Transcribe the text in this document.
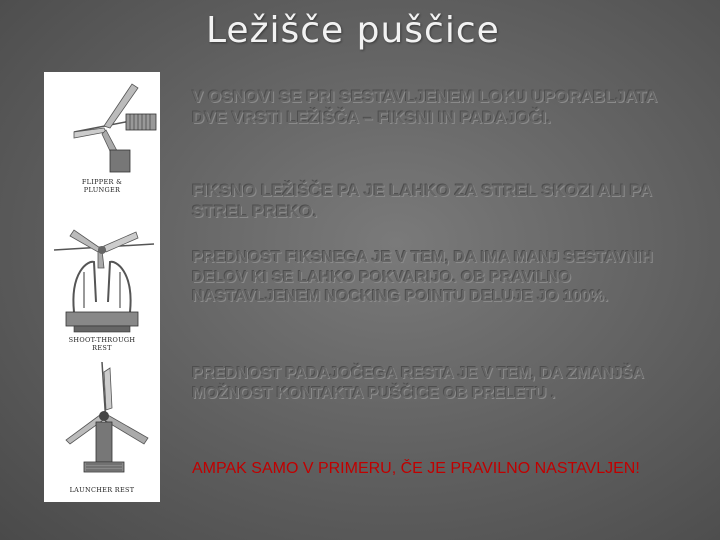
Ležišče puščice
FLIPPER &
PLUNGER
SHOOT-THROUGH
REST
LAUNCHER REST

V OSNOVI SE PRI SESTAVLJENEM LOKU UPORABLJATA DVE VRSTI LEŽIŠČA – FIKSNI IN PADAJOČI.

FIKSNO LEŽIŠČE PA JE LAHKO ZA STREL SKOZI ALI PA STREL PREKO.

PREDNOST FIKSNEGA JE V TEM, DA IMA MANJ SESTAVNIH DELOV KI SE LAHKO POKVARIJO. OB PRAVILNO NASTAVLJENEM NOCKING POINTU DELUJE JO 100%.

PREDNOST PADAJOČEGA RESTA JE V TEM, DA ZMANJŠA MOŽNOST KONTAKTA PUŠČICE OB PRELETU .

AMPAK SAMO V PRIMERU, ČE JE PRAVILNO NASTAVLJEN!
